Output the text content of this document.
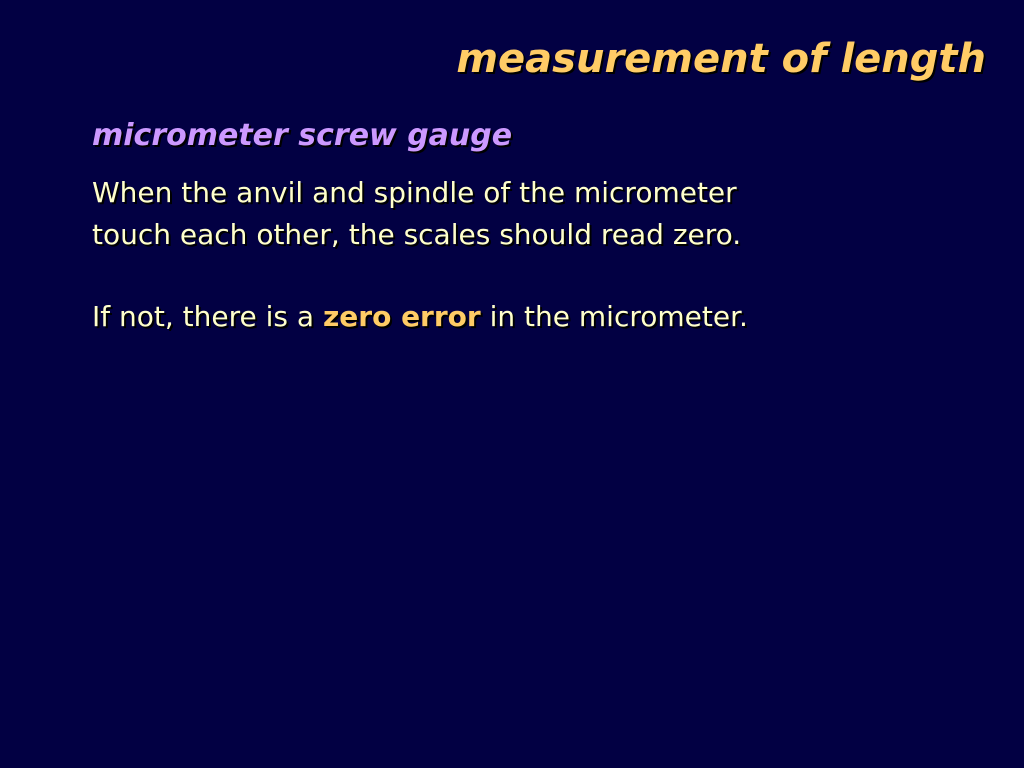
measurement of length
micrometer screw gauge

When the anvil and spindle of the micrometer
touch each other, the scales should read zero.

If not, there is a zero error in the micrometer.
